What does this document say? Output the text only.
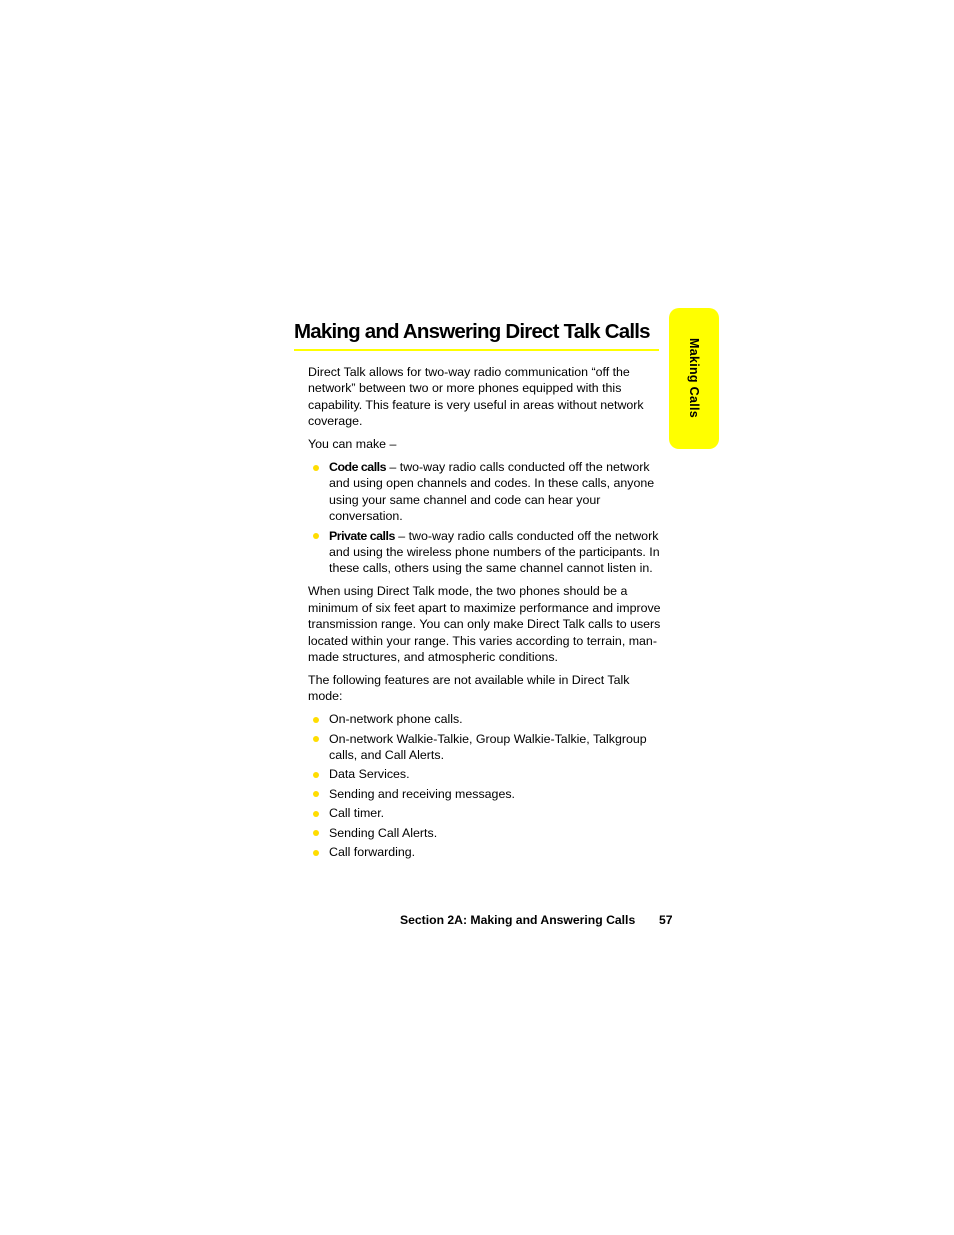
Making and Answering Direct Talk Calls
Making Calls

Direct Talk allows for two-way radio communication “off the network” between two or more phones equipped with this capability. This feature is very useful in areas without network coverage.

You can make –

Code calls – two-way radio calls conducted off the network and using open channels and codes. In these calls, anyone using your same channel and code can hear your conversation.
Private calls – two-way radio calls conducted off the network and using the wireless phone numbers of the participants. In these calls, others using the same channel cannot listen in.

When using Direct Talk mode, the two phones should be a minimum of six feet apart to maximize performance and improve transmission range. You can only make Direct Talk calls to users located within your range. This varies according to terrain, man-made structures, and atmospheric conditions.

The following features are not available while in Direct Talk mode:

On-network phone calls.
On-network Walkie-Talkie, Group Walkie-Talkie, Talkgroup calls, and Call Alerts.
Data Services.
Sending and receiving messages.
Call timer.
Sending Call Alerts.
Call forwarding.
Section 2A: Making and Answering Calls 57
